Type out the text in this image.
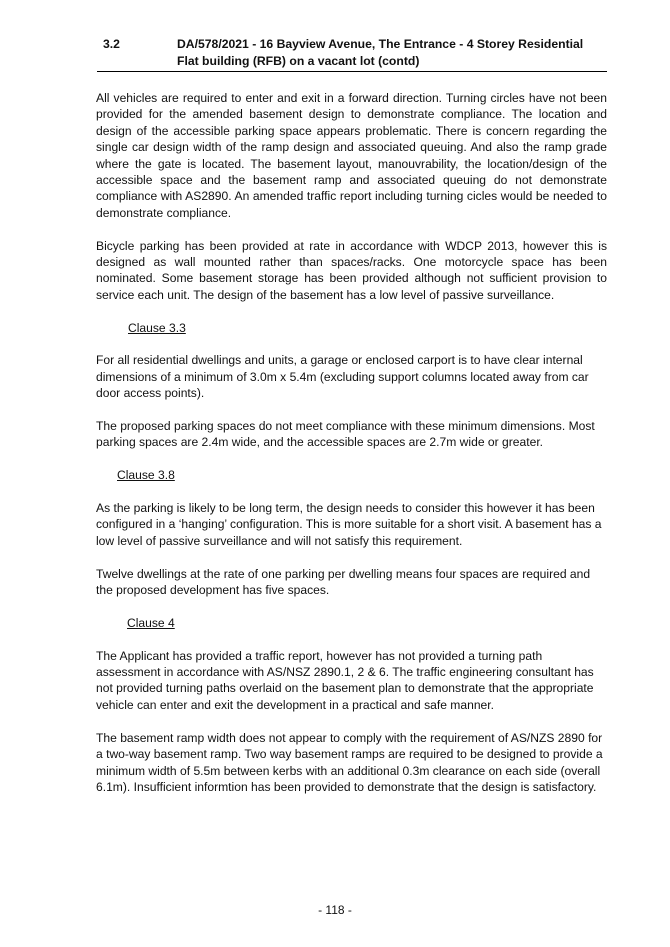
3.2	DA/578/2021 - 16 Bayview Avenue, The Entrance - 4 Storey Residential Flat building (RFB) on a vacant lot (contd)

All vehicles are required to enter and exit in a forward direction. Turning circles have not been provided for the amended basement design to demonstrate compliance. The location and design of the accessible parking space appears problematic. There is concern regarding the single car design width of the ramp design and associated queuing. And also the ramp grade where the gate is located. The basement layout, manouvrability, the location/design of the accessible space and the basement ramp and associated queuing do not demonstrate compliance with AS2890. An amended traffic report including turning cicles would be needed to demonstrate compliance.

Bicycle parking has been provided at rate in accordance with WDCP 2013, however this is designed as wall mounted rather than spaces/racks. One motorcycle space has been nominated. Some basement storage has been provided although not sufficient provision to service each unit. The design of the basement has a low level of passive surveillance.

Clause 3.3

For all residential dwellings and units, a garage or enclosed carport is to have clear internal dimensions of a minimum of 3.0m x 5.4m (excluding support columns located away from car door access points).

The proposed parking spaces do not meet compliance with these minimum dimensions. Most parking spaces are 2.4m wide, and the accessible spaces are 2.7m wide or greater.

Clause 3.8

As the parking is likely to be long term, the design needs to consider this however it has been configured in a ‘hanging’ configuration. This is more suitable for a short visit. A basement has a low level of passive surveillance and will not satisfy this requirement.

Twelve dwellings at the rate of one parking per dwelling means four spaces are required and the proposed development has five spaces.

Clause 4

The Applicant has provided a traffic report, however has not provided a turning path assessment in accordance with AS/NSZ 2890.1, 2 & 6. The traffic engineering consultant has not provided turning paths overlaid on the basement plan to demonstrate that the appropriate vehicle can enter and exit the development in a practical and safe manner.

The basement ramp width does not appear to comply with the requirement of AS/NZS 2890 for a two-way basement ramp. Two way basement ramps are required to be designed to provide a minimum width of 5.5m between kerbs with an additional 0.3m clearance on each side (overall 6.1m). Insufficient informtion has been provided to demonstrate that the design is satisfactory.

- 118 -
